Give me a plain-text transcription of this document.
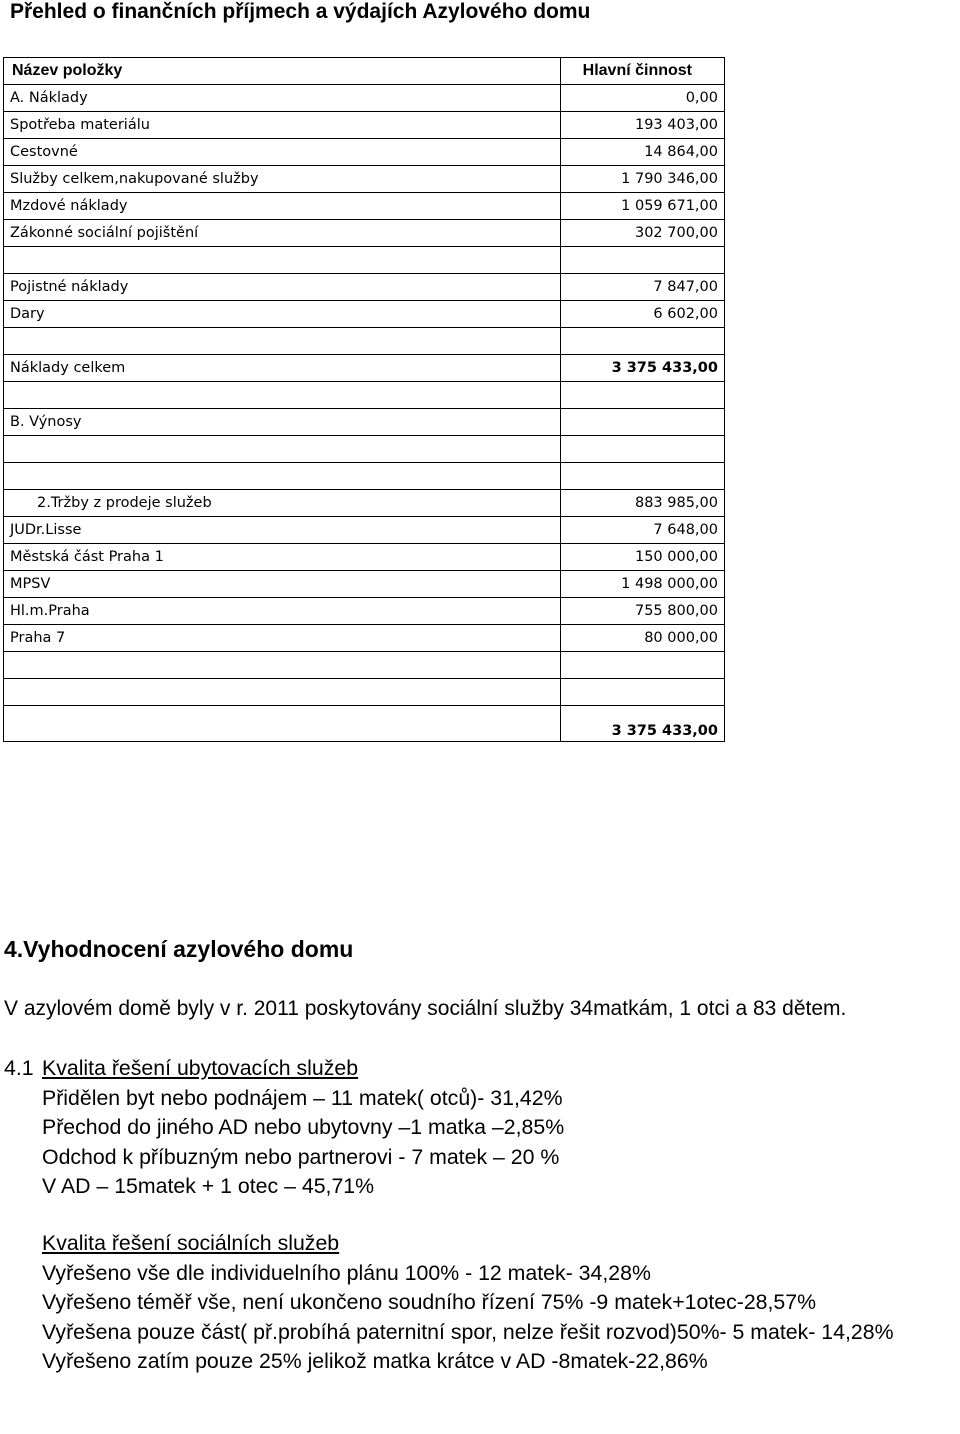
Přehled o finančních příjmech a výdajích Azylového domu
Název položky	Hlavní činnost
A. Náklady	0,00
Spotřeba materiálu	193 403,00
Cestovné	14 864,00
Služby celkem,nakupované služby	1 790 346,00
Mzdové náklady	1 059 671,00
Zákonné sociální pojištění	302 700,00

Pojistné náklady	7 847,00
Dary	6 602,00

Náklady celkem	3 375 433,00

B. Výnosy	

2.Tržby z prodeje služeb	883 985,00
JUDr.Lisse	7 648,00
Městská část Praha 1	150 000,00
MPSV	1 498 000,00
Hl.m.Praha	755 800,00
Praha 7	80 000,00

	3 375 433,00
4.Vyhodnocení azylového domu
V azylovém domě byly v r. 2011 poskytovány sociální služby 34matkám, 1 otci a 83 dětem.
4.1 Kvalita řešení ubytovacích služeb
Přidělen byt nebo podnájem – 11 matek( otců)- 31,42%
Přechod do jiného AD nebo ubytovny –1 matka –2,85%
Odchod k příbuzným nebo partnerovi - 7 matek – 20 %
V AD – 15matek + 1 otec – 45,71%
Kvalita řešení sociálních služeb
Vyřešeno vše dle individuelního plánu 100% - 12 matek- 34,28%
Vyřešeno téměř vše, není ukončeno soudního řízení 75% -9 matek+1otec-28,57%
Vyřešena pouze část( př.probíhá paternitní spor, nelze řešit rozvod)50%- 5 matek- 14,28%
Vyřešeno zatím pouze 25% jelikož matka krátce v AD -8matek-22,86%
